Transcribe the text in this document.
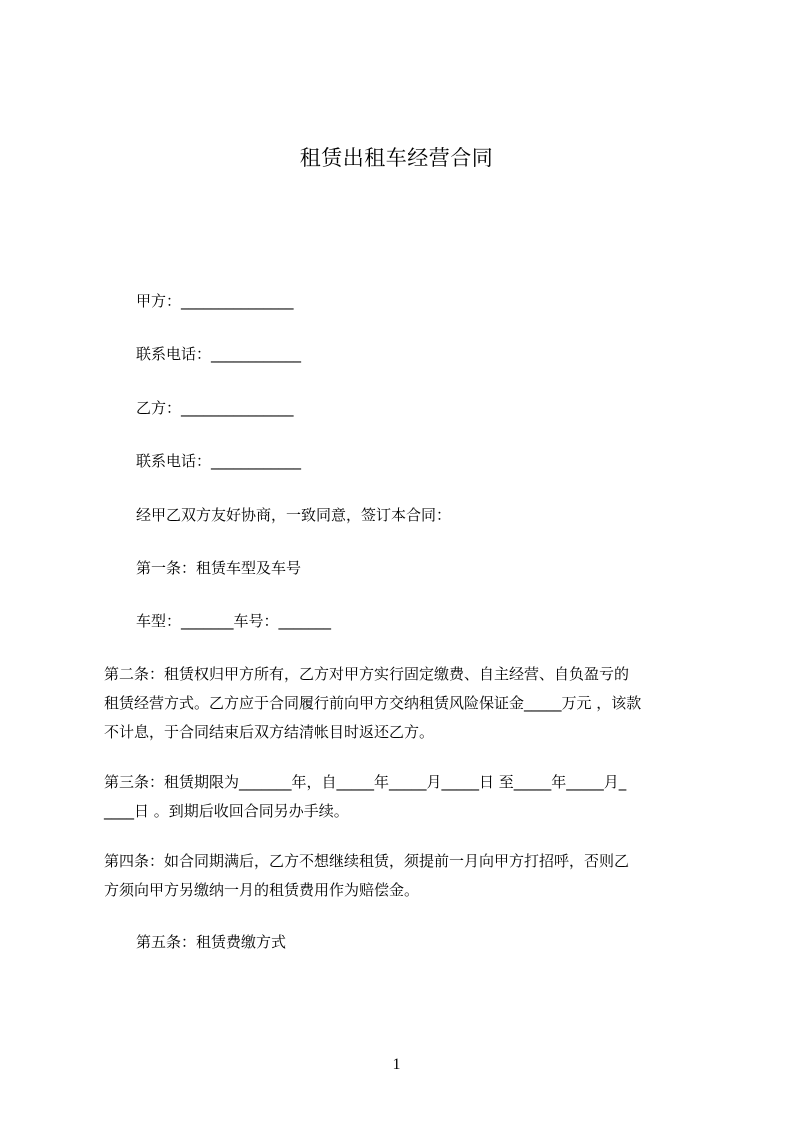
租赁出租车经营合同
甲方：_______________
联系电话：____________
乙方：_______________
联系电话：____________
经甲乙双方友好协商，一致同意，签订本合同：
第一条：租赁车型及车号
车型：_______车号：_______

第二条：租赁权归甲方所有，乙方对甲方实行固定缴费、自主经营、自负盈亏的

租赁经营方式。乙方应于合同履行前向甲方交纳租赁风险保证金_____万元 ，该款

不计息，于合同结束后双方结清帐目时返还乙方。

第三条：租赁期限为_______年，自_____年_____月_____日 至_____年_____月_

____日 。到期后收回合同另办手续。

第四条：如合同期满后，乙方不想继续租赁，须提前一月向甲方打招呼，否则乙

方须向甲方另缴纳一月的租赁费用作为赔偿金。

第五条：租赁费缴方式
1
